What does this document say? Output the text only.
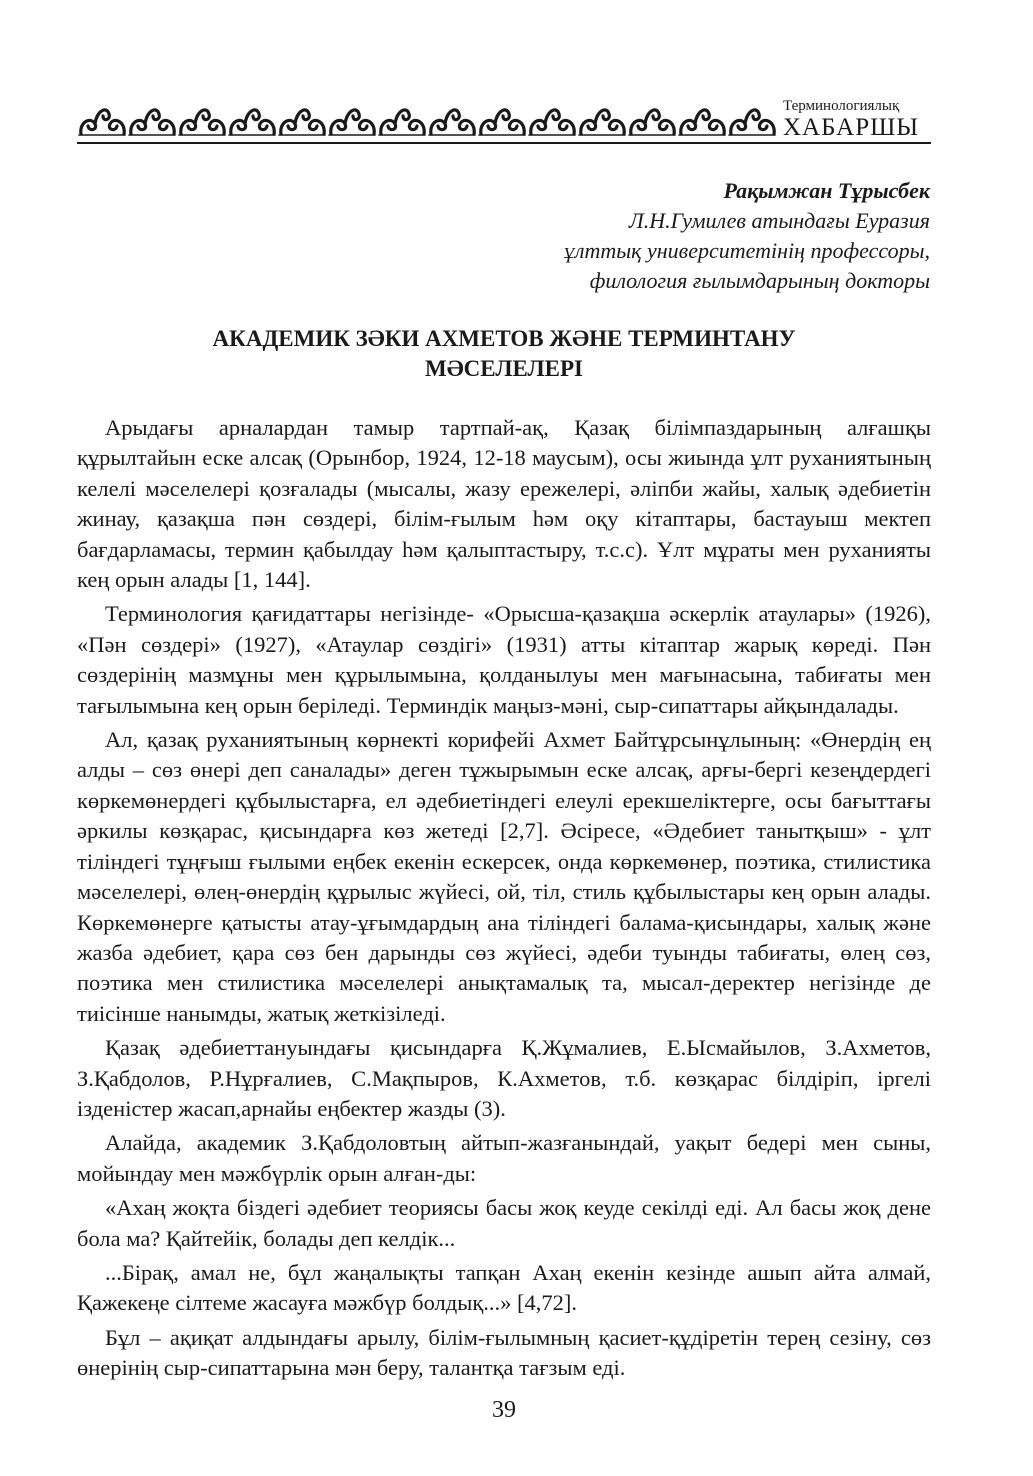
Терминологиялық
ХАБАРШЫ
Рақымжан Тұрысбек
Л.Н.Гумилев атындағы Еуразия
ұлттық университетінің профессоры,
филология ғылымдарының докторы
АКАДЕМИК ЗӘКИ АХМЕТОВ ЖӘНЕ ТЕРМИНТАНУ
МӘСЕЛЕЛЕРІ

Арыдағы арналардан тамыр тартпай-ақ, Қазақ білімпаздарының алғашқы құрылтайын еске алсақ (Орынбор, 1924, 12-18 маусым), осы жиында ұлт руханиятының келелі мәселелері қозғалады (мысалы, жазу ережелері, әліпби жайы, халық әдебиетін жинау, қазақша пән сөздері, білім-ғылым һәм оқу кітаптары, бастауыш мектеп бағдарламасы, термин қабылдау һәм қалыптастыру, т.с.с). Ұлт мұраты мен руханияты кең орын алады [1, 144].

Терминология қағидаттары негізінде- «Орысша-қазақша әскерлік атаулары» (1926), «Пән сөздері» (1927), «Атаулар сөздігі» (1931) атты кітаптар жарық көреді. Пән сөздерінің мазмұны мен құрылымына, қолданылуы мен мағынасына, табиғаты мен тағылымына кең орын беріледі. Терминдік маңыз-мәні, сыр-сипаттары айқындалады.

Ал, қазақ руханиятының көрнекті корифейі Ахмет Байтұрсынұлының: «Өнердің ең алды – сөз өнері деп саналады» деген тұжырымын еске алсақ, арғы-бергі кезеңдердегі көркемөнердегі құбылыстарға, ел әдебиетіндегі елеулі ерекшеліктерге, осы бағыттағы әркилы көзқарас, қисындарға көз жетеді [2,7]. Әсіресе, «Әдебиет танытқыш» - ұлт тіліндегі тұңғыш ғылыми еңбек екенін ескерсек, онда көркемөнер, поэтика, стилистика мәселелері, өлең-өнердің құрылыс жүйесі, ой, тіл, стиль құбылыстары кең орын алады. Көркемөнерге қатысты атау-ұғымдардың ана тіліндегі балама-қисындары, халық және жазба әдебиет, қара сөз бен дарынды сөз жүйесі, әдеби туынды табиғаты, өлең сөз, поэтика мен стилистика мәселелері анықтамалық та, мысал-деректер негізінде де тиісінше нанымды, жатық жеткізіледі.

Қазақ әдебиеттануындағы қисындарға Қ.Жұмалиев, Е.Ысмайылов, З.Ахметов, З.Қабдолов, Р.Нұрғалиев, С.Мақпыров, К.Ахметов, т.б. көзқарас білдіріп, іргелі ізденістер жасап,арнайы еңбектер жазды (3).

Алайда, академик З.Қабдоловтың айтып-жазғанындай, уақыт бедері мен сыны, мойындау мен мәжбүрлік орын алған-ды:

«Ахаң жоқта біздегі әдебиет теориясы басы жоқ кеуде секілді еді. Ал басы жоқ дене бола ма? Қайтейік, болады деп келдік...

...Бірақ, амал не, бұл жаңалықты тапқан Ахаң екенін кезінде ашып айта алмай, Қажекеңе сілтеме жасауға мәжбүр болдық...» [4,72].

Бұл – ақиқат алдындағы арылу, білім-ғылымның қасиет-құдіретін терең сезіну, сөз өнерінің сыр-сипаттарына мән беру, талантқа тағзым еді.

39
